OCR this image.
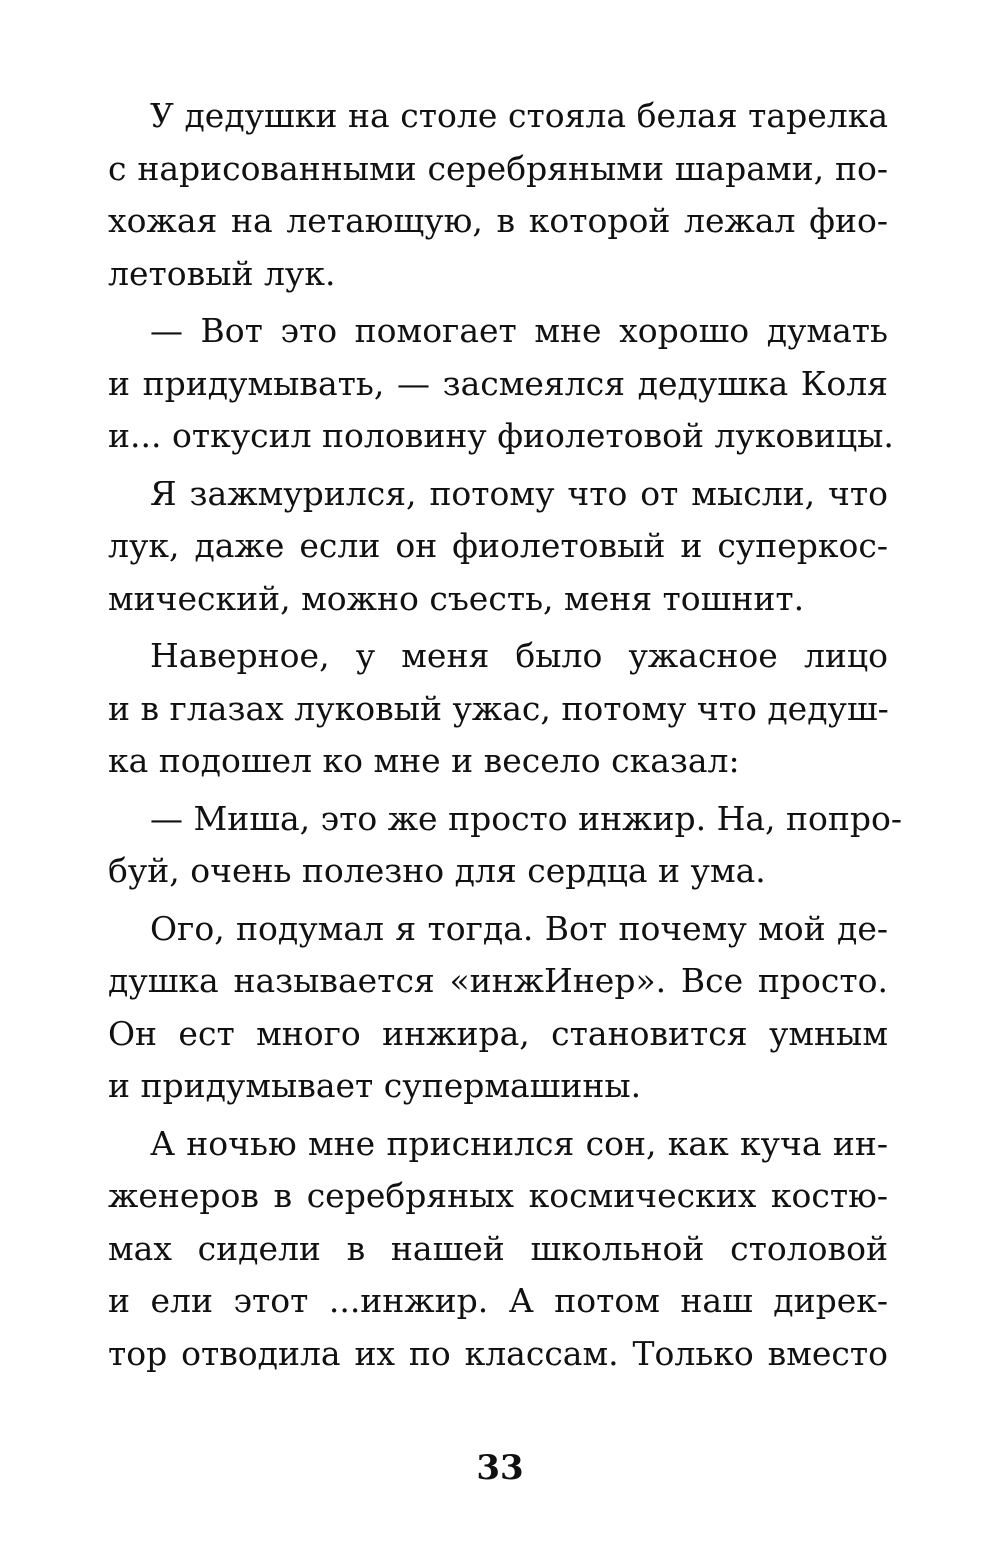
У дедушки на столе стояла белая тарелка
с нарисованными серебряными шарами, по-
хожая на летающую, в которой лежал фио-
летовый лук.
— Вот это помогает мне хорошо думать
и придумывать, — засмеялся дедушка Коля
и... откусил половину фиолетовой луковицы.
Я зажмурился, потому что от мысли, что
лук, даже если он фиолетовый и суперкос-
мический, можно съесть, меня тошнит.
Наверное, у меня было ужасное лицо
и в глазах луковый ужас, потому что дедуш-
ка подошел ко мне и весело сказал:
— Миша, это же просто инжир. На, попро-
буй, очень полезно для сердца и ума.
Ого, подумал я тогда. Вот почему мой де-
душка называется «инжИнер». Все просто.
Он ест много инжира, становится умным
и придумывает супермашины.
А ночью мне приснился сон, как куча ин-
женеров в серебряных космических костю-
мах сидели в нашей школьной столовой
и ели этот ...инжир. А потом наш дирек-
тор отводила их по классам. Только вместо
33
